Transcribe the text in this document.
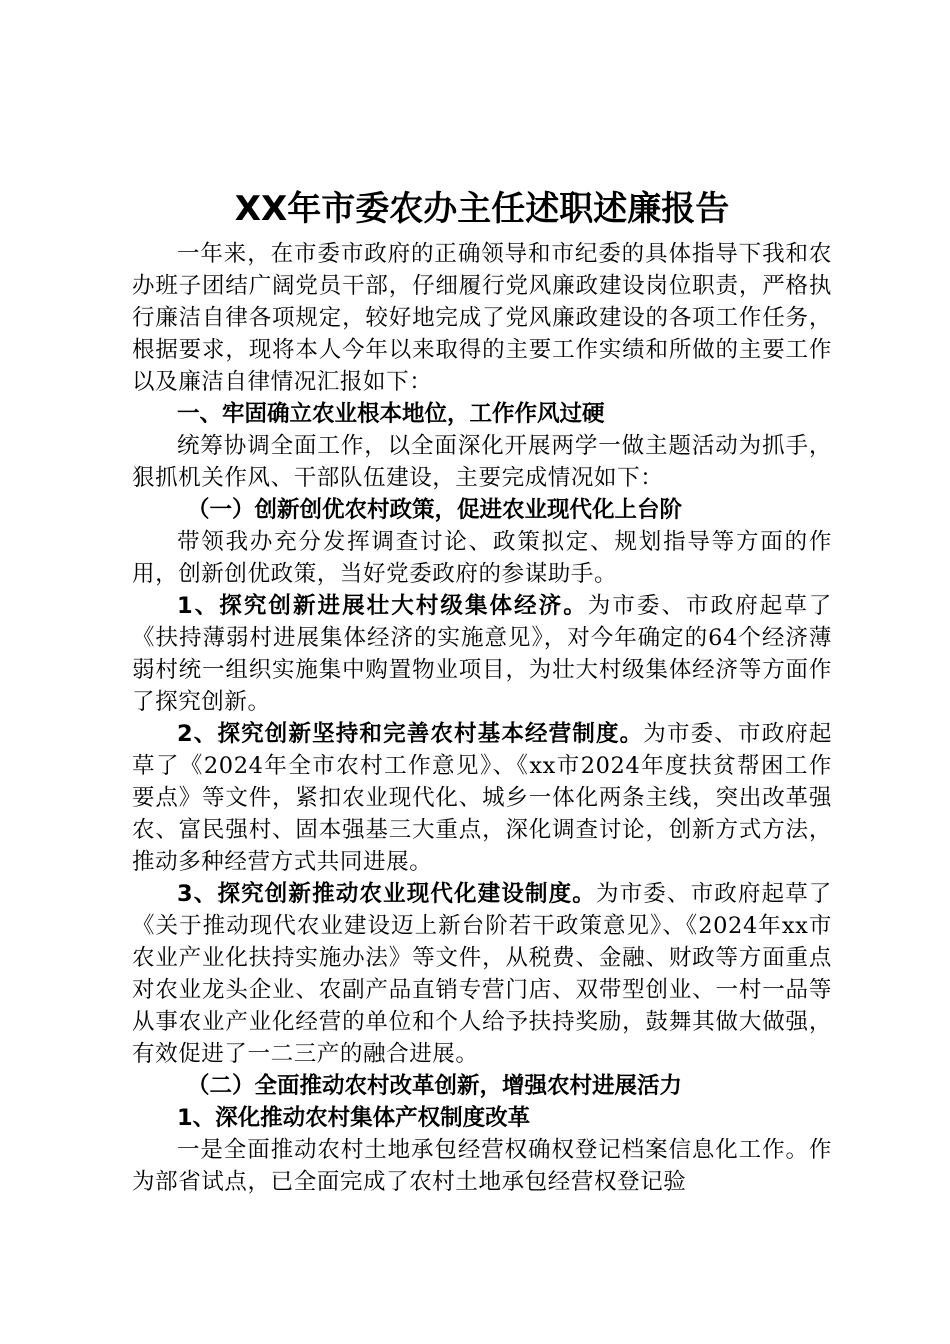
XX年市委农办主任述职述廉报告

一年来，在市委市政府的正确领导和市纪委的具体指导下我和农办班子团结广阔党员干部，仔细履行党风廉政建设岗位职责，严格执行廉洁自律各项规定，较好地完成了党风廉政建设的各项工作任务，根据要求，现将本人今年以来取得的主要工作实绩和所做的主要工作以及廉洁自律情况汇报如下：

一、牢固确立农业根本地位，工作作风过硬

统筹协调全面工作，以全面深化开展两学一做主题活动为抓手，狠抓机关作风、干部队伍建设，主要完成情况如下：

（一）创新创优农村政策，促进农业现代化上台阶

带领我办充分发挥调查讨论、政策拟定、规划指导等方面的作用，创新创优政策，当好党委政府的参谋助手。

1、探究创新进展壮大村级集体经济。为市委、市政府起草了《扶持薄弱村进展集体经济的实施意见》，对今年确定的64个经济薄弱村统一组织实施集中购置物业项目，为壮大村级集体经济等方面作了探究创新。

2、探究创新坚持和完善农村基本经营制度。为市委、市政府起草了《2024年全市农村工作意见》、《xx市2024年度扶贫帮困工作要点》等文件，紧扣农业现代化、城乡一体化两条主线，突出改革强农、富民强村、固本强基三大重点，深化调查讨论，创新方式方法，推动多种经营方式共同进展。

3、探究创新推动农业现代化建设制度。为市委、市政府起草了《关于推动现代农业建设迈上新台阶若干政策意见》、《2024年xx市农业产业化扶持实施办法》等文件，从税费、金融、财政等方面重点对农业龙头企业、农副产品直销专营门店、双带型创业、一村一品等从事农业产业化经营的单位和个人给予扶持奖励，鼓舞其做大做强，有效促进了一二三产的融合进展。

（二）全面推动农村改革创新，增强农村进展活力

1、深化推动农村集体产权制度改革

一是全面推动农村土地承包经营权确权登记档案信息化工作。作为部省试点，已全面完成了农村土地承包经营权登记验
